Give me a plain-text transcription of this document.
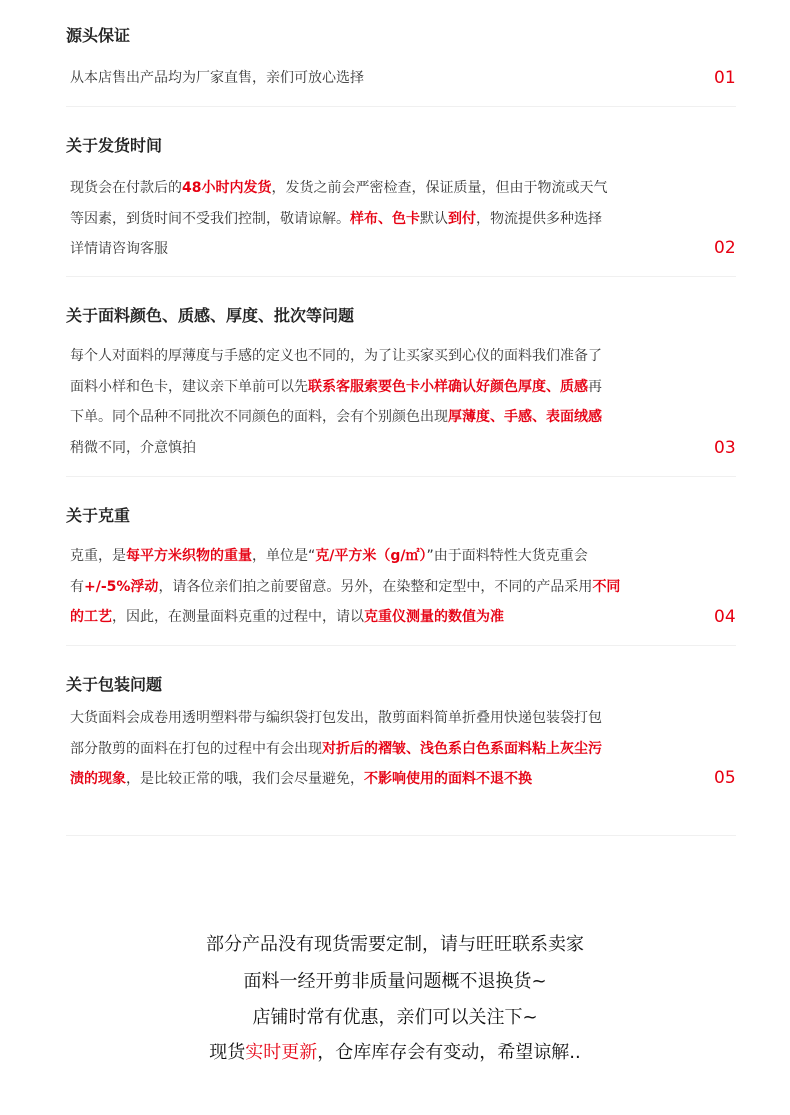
源头保证
从本店售出产品均为厂家直售，亲们可放心选择	01
关于发货时间
现货会在付款后的48小时内发货，发货之前会严密检查，保证质量，但由于物流或天气
等因素，到货时间不受我们控制，敬请谅解。样布、色卡默认到付，物流提供多种选择
详情请咨询客服	02
关于面料颜色、质感、厚度、批次等问题
每个人对面料的厚薄度与手感的定义也不同的，为了让买家买到心仪的面料我们准备了
面料小样和色卡，建议亲下单前可以先联系客服索要色卡小样确认好颜色厚度、质感再
下单。同个品种不同批次不同颜色的面料，会有个别颜色出现厚薄度、手感、表面绒感
稍微不同，介意慎拍	03
关于克重
克重，是每平方米织物的重量，单位是“克/平方米（g/㎡）”由于面料特性大货克重会
有+/-5%浮动，请各位亲们拍之前要留意。另外，在染整和定型中，不同的产品采用不同
的工艺，因此，在测量面料克重的过程中，请以克重仪测量的数值为准	04
关于包装问题
大货面料会成卷用透明塑料带与编织袋打包发出，散剪面料简单折叠用快递包装袋打包
部分散剪的面料在打包的过程中有会出现对折后的褶皱、浅色系白色系面料粘上灰尘污
渍的现象，是比较正常的哦，我们会尽量避免，不影响使用的面料不退不换	05
部分产品没有现货需要定制，请与旺旺联系卖家
面料一经开剪非质量问题概不退换货~
店铺时常有优惠，亲们可以关注下~
现货实时更新，仓库库存会有变动，希望谅解..
